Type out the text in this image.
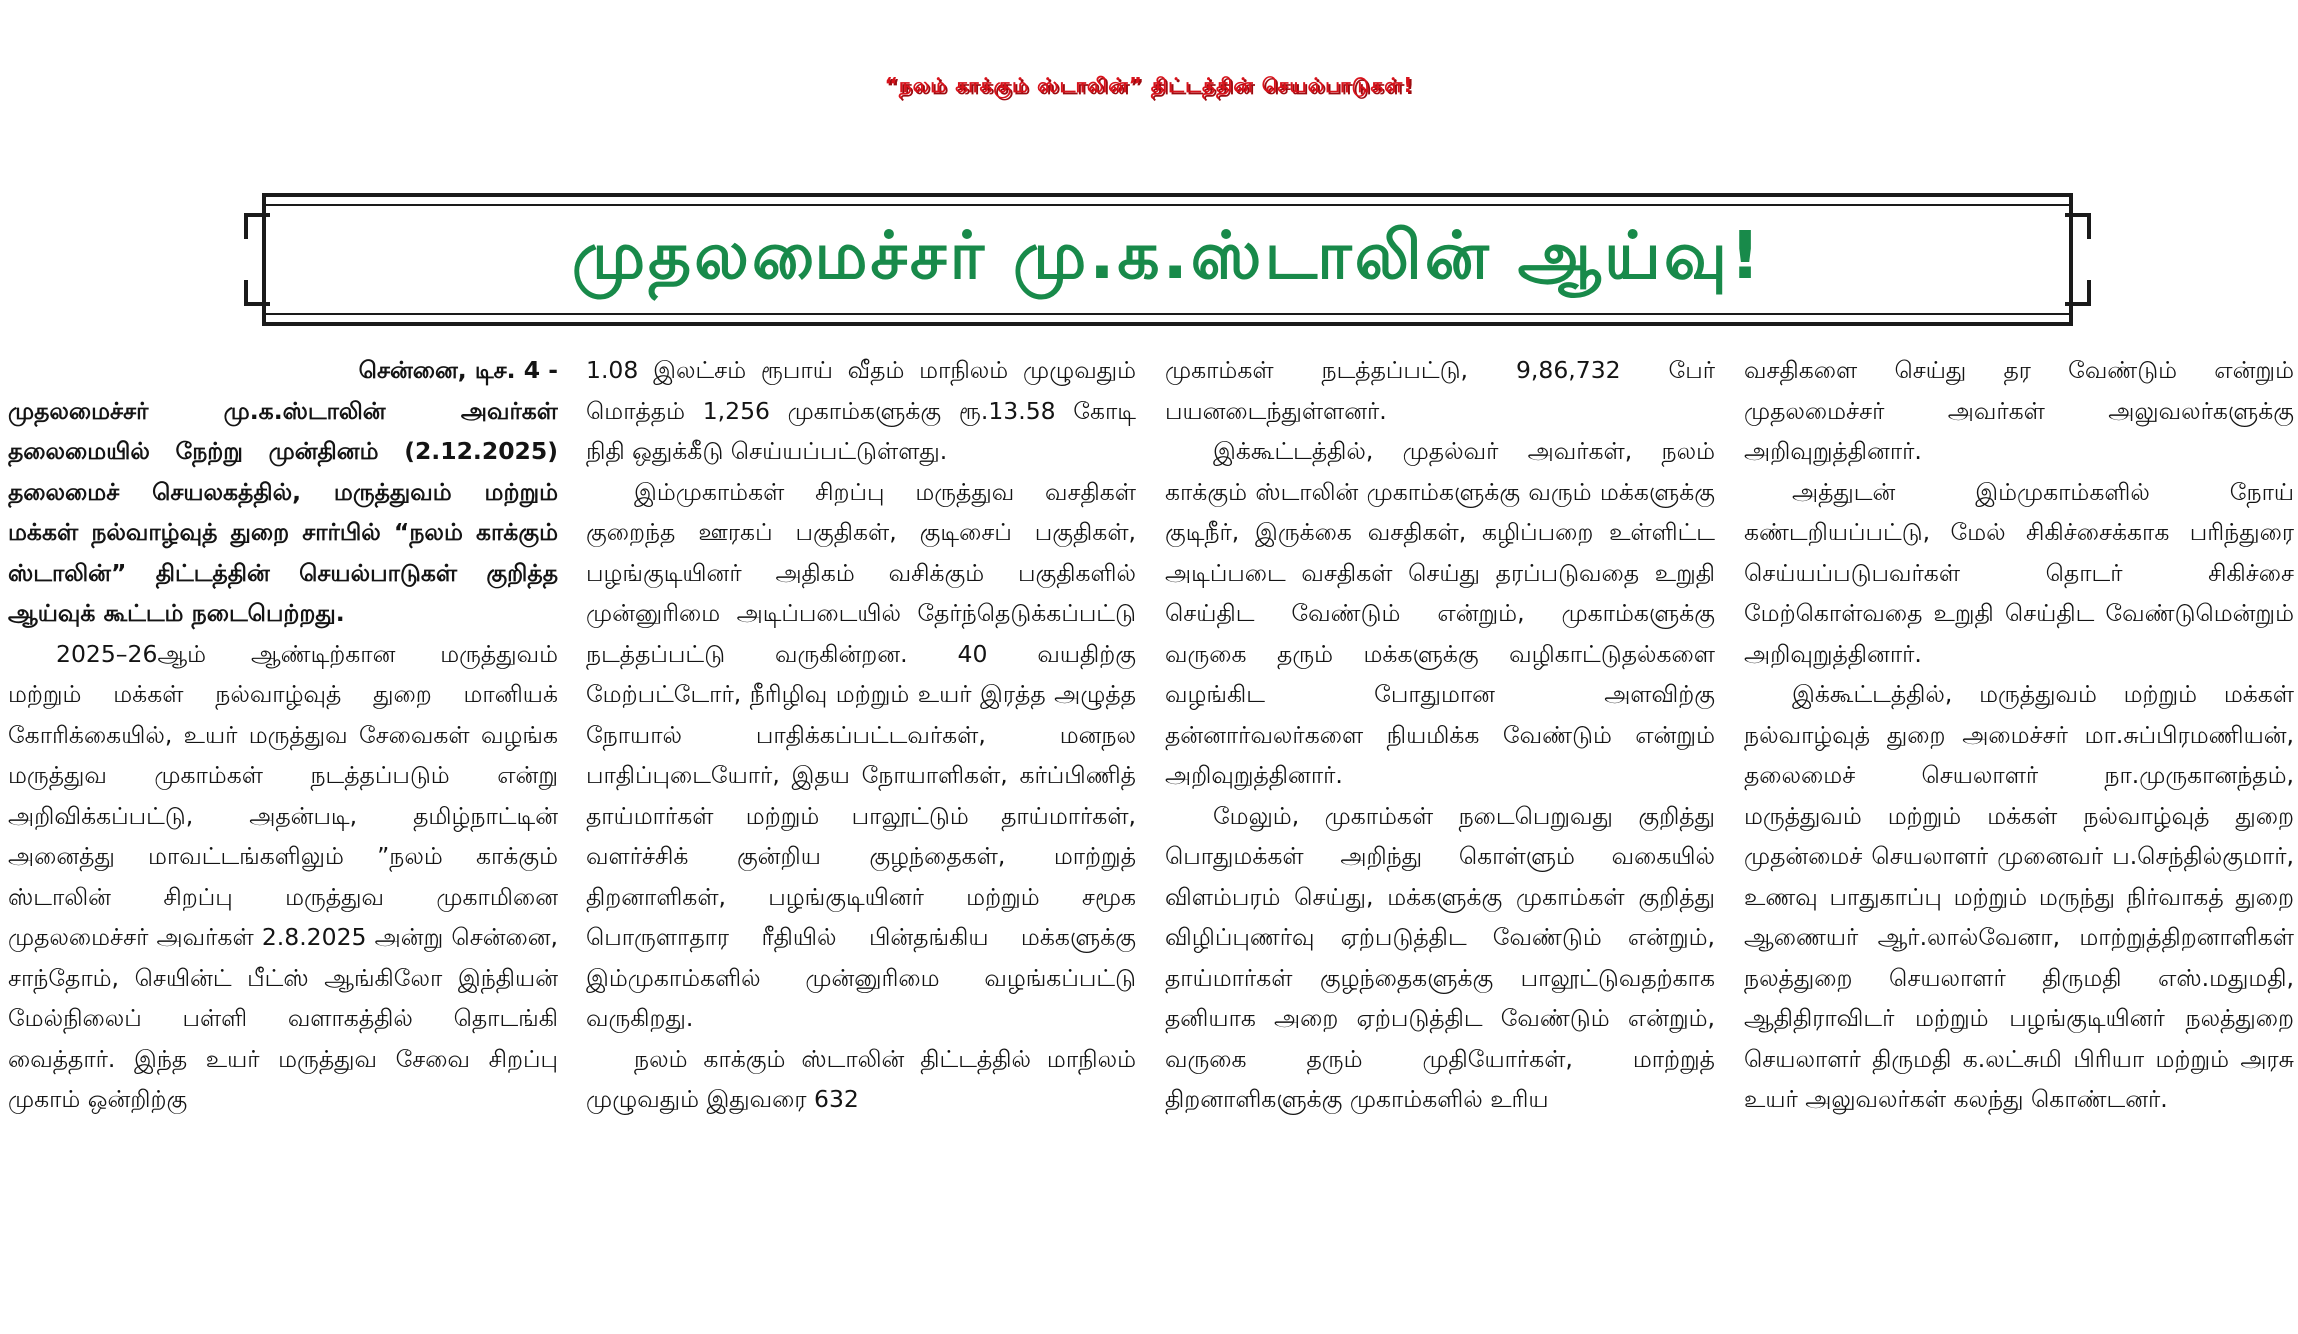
“நலம் காக்கும் ஸ்டாலின்” திட்டத்தின் செயல்பாடுகள்!
முதலமைச்சர் மு.க.ஸ்டாலின் ஆய்வு!

சென்னை, டிச. 4 -

முதலமைச்சர் மு.க.ஸ்டாலின் அவர்கள் தலைமையில் நேற்று முன்தினம் (2.12.2025) தலைமைச் செயலகத்தில், மருத்துவம் மற்றும் மக்கள் நல்வாழ்வுத் துறை சார்பில் “நலம் காக்கும் ஸ்டாலின்” திட்டத்தின் செயல்பாடுகள் குறித்த ஆய்வுக் கூட்டம் நடைபெற்றது.

2025–26ஆம் ஆண்டிற்கான மருத்துவம் மற்றும் மக்கள் நல்வாழ்வுத் துறை மானியக் கோரிக்கையில், உயர் மருத்துவ சேவைகள் வழங்க மருத்துவ முகாம்கள் நடத்தப்படும் என்று அறிவிக்கப்பட்டு, அதன்படி, தமிழ்நாட்டின் அனைத்து மாவட்டங்களிலும் ”நலம் காக்கும் ஸ்டாலின் சிறப்பு மருத்துவ முகாமினை முதலமைச்சர் அவர்கள் 2.8.2025 அன்று சென்னை, சாந்தோம், செயின்ட் பீட்ஸ் ஆங்கிலோ இந்தியன் மேல்நிலைப் பள்ளி வளாகத்தில் தொடங்கி வைத்தார். இந்த உயர் மருத்துவ சேவை சிறப்பு முகாம் ஒன்றிற்கு

1.08 இலட்சம் ரூபாய் வீதம் மாநிலம் முழுவதும் மொத்தம் 1,256 முகாம்களுக்கு ரூ.13.58 கோடி நிதி ஒதுக்கீடு செய்யப்பட்டுள்ளது.

இம்முகாம்கள் சிறப்பு மருத்துவ வசதிகள் குறைந்த ஊரகப் பகுதிகள், குடிசைப் பகுதிகள், பழங்குடியினர் அதிகம் வசிக்கும் பகுதிகளில் முன்னுரிமை அடிப்படையில் தேர்ந்தெடுக்கப்பட்டு நடத்தப்பட்டு வருகின்றன. 40 வயதிற்கு மேற்பட்டோர், நீரிழிவு மற்றும் உயர் இரத்த அழுத்த நோயால் பாதிக்கப்பட்டவர்கள், மனநல பாதிப்புடையோர், இதய நோயாளிகள், கர்ப்பிணித் தாய்மார்கள் மற்றும் பாலூட்டும் தாய்மார்கள், வளர்ச்சிக் குன்றிய குழந்தைகள், மாற்றுத் திறனாளிகள், பழங்குடியினர் மற்றும் சமூக பொருளாதார ரீதியில் பின்தங்கிய மக்களுக்கு இம்முகாம்களில் முன்னுரிமை வழங்கப்பட்டு வருகிறது.

நலம் காக்கும் ஸ்டாலின் திட்டத்தில் மாநிலம் முழுவதும் இதுவரை 632

முகாம்கள் நடத்தப்பட்டு, 9,86,732 பேர் பயனடைந்துள்ளனர்.

இக்கூட்டத்தில், முதல்வர் அவர்கள், நலம் காக்கும் ஸ்டாலின் முகாம்களுக்கு வரும் மக்களுக்கு குடிநீர், இருக்கை வசதிகள், கழிப்பறை உள்ளிட்ட அடிப்படை வசதிகள் செய்து தரப்படுவதை உறுதி செய்திட வேண்டும் என்றும், முகாம்களுக்கு வருகை தரும் மக்களுக்கு வழிகாட்டுதல்களை வழங்கிட போதுமான அளவிற்கு தன்னார்வலர்களை நியமிக்க வேண்டும் என்றும் அறிவுறுத்தினார்.

மேலும், முகாம்கள் நடைபெறுவது குறித்து பொதுமக்கள் அறிந்து கொள்ளும் வகையில் விளம்பரம் செய்து, மக்களுக்கு முகாம்கள் குறித்து விழிப்புணர்வு ஏற்படுத்திட வேண்டும் என்றும், தாய்மார்கள் குழந்தைகளுக்கு பாலூட்டுவதற்காக தனியாக அறை ஏற்படுத்திட வேண்டும் என்றும், வருகை தரும் முதியோர்கள், மாற்றுத் திறனாளிகளுக்கு முகாம்களில் உரிய

வசதிகளை செய்து தர வேண்டும் என்றும் முதலமைச்சர் அவர்கள் அலுவலர்களுக்கு அறிவுறுத்தினார்.

அத்துடன் இம்முகாம்களில் நோய் கண்டறியப்பட்டு, மேல் சிகிச்சைக்காக பரிந்துரை செய்யப்படுபவர்கள் தொடர் சிகிச்சை மேற்கொள்வதை உறுதி செய்திட வேண்டுமென்றும் அறிவுறுத்தினார்.

இக்கூட்டத்தில், மருத்துவம் மற்றும் மக்கள் நல்வாழ்வுத் துறை அமைச்சர் மா.சுப்பிரமணியன், தலைமைச் செயலாளர் நா.முருகானந்தம், மருத்துவம் மற்றும் மக்கள் நல்வாழ்வுத் துறை முதன்மைச் செயலாளர் முனைவர் ப.செந்தில்குமார், உணவு பாதுகாப்பு மற்றும் மருந்து நிர்வாகத் துறை ஆணையர் ஆர்.லால்வேனா, மாற்றுத்திறனாளிகள் நலத்துறை செயலாளர் திருமதி எஸ்.மதுமதி, ஆதிதிராவிடர் மற்றும் பழங்குடியினர் நலத்துறை செயலாளர் திருமதி க.லட்சுமி பிரியா மற்றும் அரசு உயர் அலுவலர்கள் கலந்து கொண்டனர்.
